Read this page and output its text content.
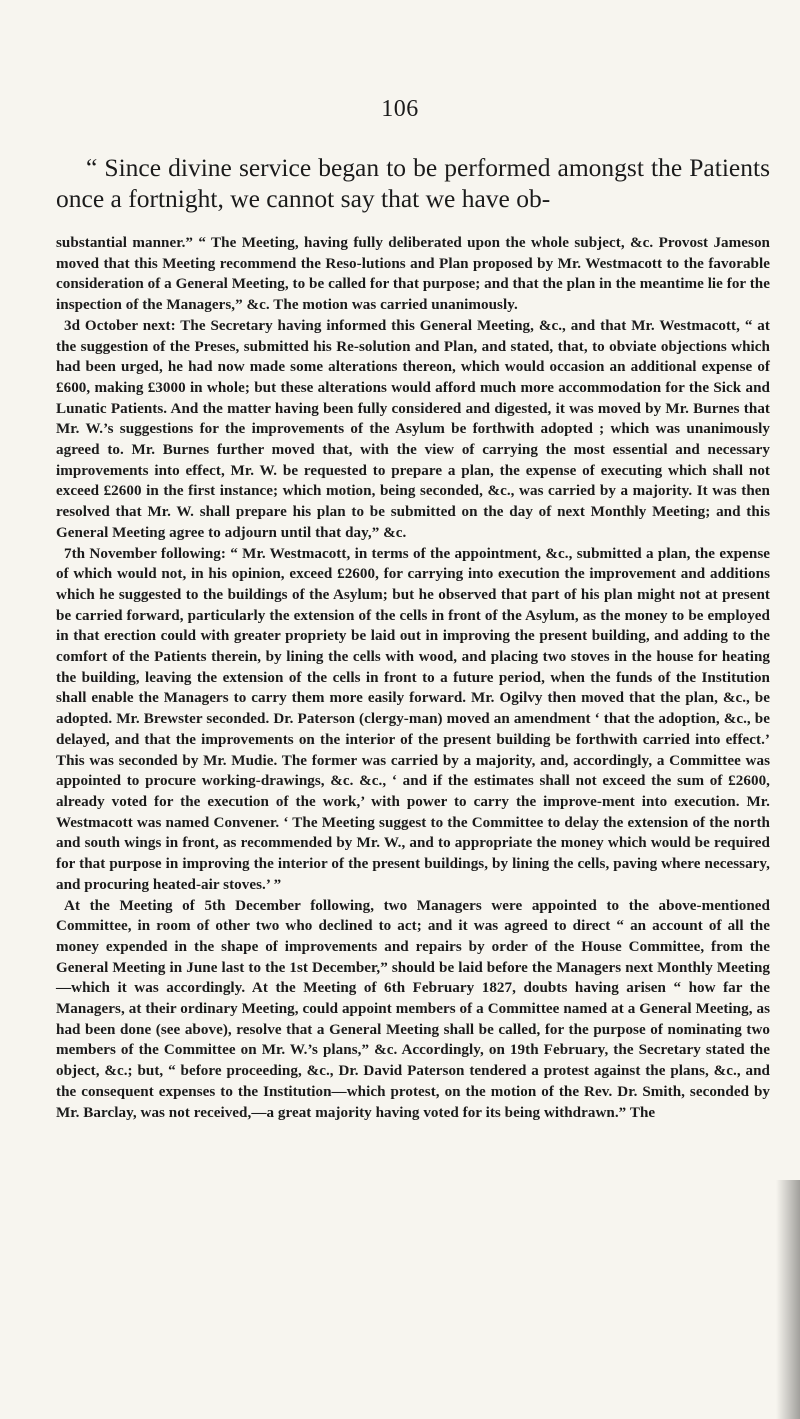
106
“ Since divine service began to be performed amongst the Patients once a fortnight, we cannot say that we have ob-

substantial manner.” “ The Meeting, having fully deliberated upon the whole subject, &c. Provost Jameson moved that this Meeting recommend the Reso-lutions and Plan proposed by Mr. Westmacott to the favorable consideration of a General Meeting, to be called for that purpose; and that the plan in the meantime lie for the inspection of the Managers,” &c. The motion was carried unanimously.

3d October next: The Secretary having informed this General Meeting, &c., and that Mr. Westmacott, “ at the suggestion of the Preses, submitted his Re-solution and Plan, and stated, that, to obviate objections which had been urged, he had now made some alterations thereon, which would occasion an additional expense of £600, making £3000 in whole; but these alterations would afford much more accommodation for the Sick and Lunatic Patients. And the matter having been fully considered and digested, it was moved by Mr. Burnes that Mr. W.’s suggestions for the improvements of the Asylum be forthwith adopted ; which was unanimously agreed to. Mr. Burnes further moved that, with the view of carrying the most essential and necessary improvements into effect, Mr. W. be requested to prepare a plan, the expense of executing which shall not exceed £2600 in the first instance; which motion, being seconded, &c., was carried by a majority. It was then resolved that Mr. W. shall prepare his plan to be submitted on the day of next Monthly Meeting; and this General Meeting agree to adjourn until that day,” &c.

7th November following: “ Mr. Westmacott, in terms of the appointment, &c., submitted a plan, the expense of which would not, in his opinion, exceed £2600, for carrying into execution the improvement and additions which he suggested to the buildings of the Asylum; but he observed that part of his plan might not at present be carried forward, particularly the extension of the cells in front of the Asylum, as the money to be employed in that erection could with greater propriety be laid out in improving the present building, and adding to the comfort of the Patients therein, by lining the cells with wood, and placing two stoves in the house for heating the building, leaving the extension of the cells in front to a future period, when the funds of the Institution shall enable the Managers to carry them more easily forward. Mr. Ogilvy then moved that the plan, &c., be adopted. Mr. Brewster seconded. Dr. Paterson (clergy-man) moved an amendment ‘ that the adoption, &c., be delayed, and that the improvements on the interior of the present building be forthwith carried into effect.’ This was seconded by Mr. Mudie. The former was carried by a majority, and, accordingly, a Committee was appointed to procure working-drawings, &c. &c., ‘ and if the estimates shall not exceed the sum of £2600, already voted for the execution of the work,’ with power to carry the improve-ment into execution. Mr. Westmacott was named Convener. ‘ The Meeting suggest to the Committee to delay the extension of the north and south wings in front, as recommended by Mr. W., and to appropriate the money which would be required for that purpose in improving the interior of the present buildings, by lining the cells, paving where necessary, and procuring heated-air stoves.’ ”

At the Meeting of 5th December following, two Managers were appointed to the above-mentioned Committee, in room of other two who declined to act; and it was agreed to direct “ an account of all the money expended in the shape of improvements and repairs by order of the House Committee, from the General Meeting in June last to the 1st December,” should be laid before the Managers next Monthly Meeting—which it was accordingly. At the Meeting of 6th February 1827, doubts having arisen “ how far the Managers, at their ordinary Meeting, could appoint members of a Committee named at a General Meeting, as had been done (see above), resolve that a General Meeting shall be called, for the purpose of nominating two members of the Committee on Mr. W.’s plans,” &c. Accordingly, on 19th February, the Secretary stated the object, &c.; but, “ before proceeding, &c., Dr. David Paterson tendered a protest against the plans, &c., and the consequent expenses to the Institution—which protest, on the motion of the Rev. Dr. Smith, seconded by Mr. Barclay, was not received,—a great majority having voted for its being withdrawn.” The
